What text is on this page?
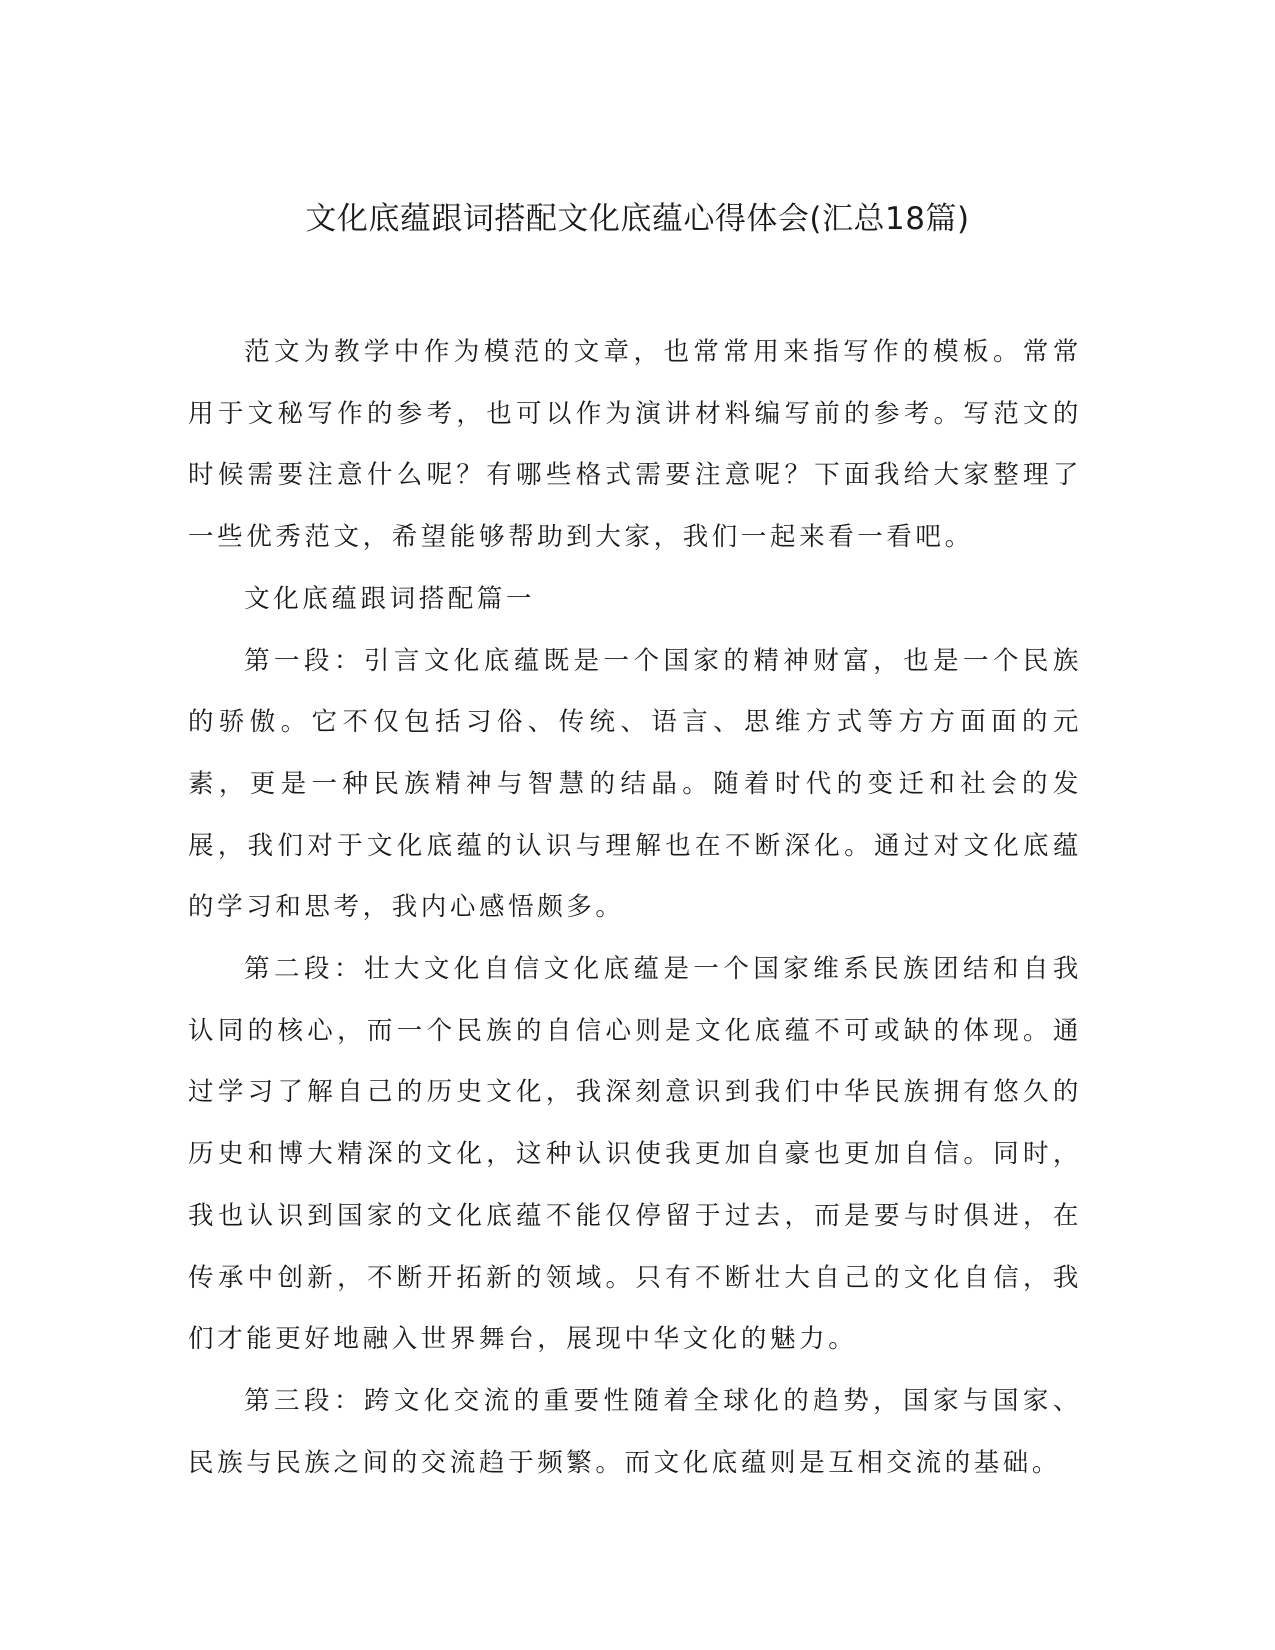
文化底蕴跟词搭配文化底蕴心得体会(汇总18篇)

范文为教学中作为模范的文章，也常常用来指写作的模板。常常用于文秘写作的参考，也可以作为演讲材料编写前的参考。写范文的时候需要注意什么呢？有哪些格式需要注意呢？下面我给大家整理了一些优秀范文，希望能够帮助到大家，我们一起来看一看吧。

文化底蕴跟词搭配篇一

第一段：引言文化底蕴既是一个国家的精神财富，也是一个民族的骄傲。它不仅包括习俗、传统、语言、思维方式等方方面面的元素，更是一种民族精神与智慧的结晶。随着时代的变迁和社会的发展，我们对于文化底蕴的认识与理解也在不断深化。通过对文化底蕴的学习和思考，我内心感悟颇多。

第二段：壮大文化自信文化底蕴是一个国家维系民族团结和自我认同的核心，而一个民族的自信心则是文化底蕴不可或缺的体现。通过学习了解自己的历史文化，我深刻意识到我们中华民族拥有悠久的历史和博大精深的文化，这种认识使我更加自豪也更加自信。同时，我也认识到国家的文化底蕴不能仅停留于过去，而是要与时俱进，在传承中创新，不断开拓新的领域。只有不断壮大自己的文化自信，我们才能更好地融入世界舞台，展现中华文化的魅力。

第三段：跨文化交流的重要性随着全球化的趋势，国家与国家、民族与民族之间的交流趋于频繁。而文化底蕴则是互相交流的基础。
